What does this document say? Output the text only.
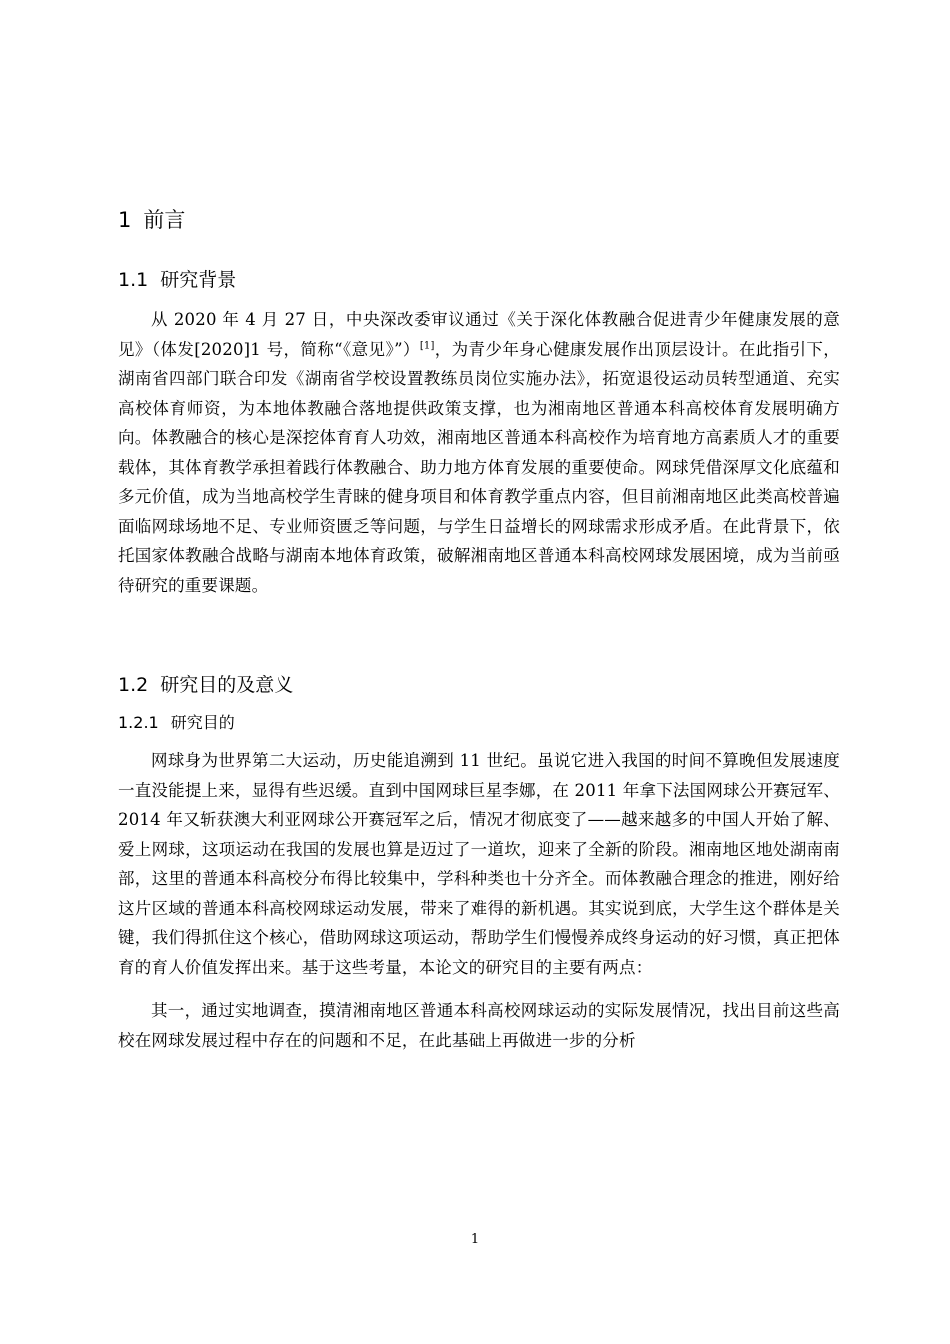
1 前言
1.1 研究背景

从 2020 年 4 月 27 日，中央深改委审议通过《关于深化体教融合促进青少年健康发展的意见》（体发[2020]1 号，简称“《意见》”）[1]，为青少年身心健康发展作出顶层设计。在此指引下，湖南省四部门联合印发《湖南省学校设置教练员岗位实施办法》，拓宽退役运动员转型通道、充实高校体育师资，为本地体教融合落地提供政策支撑，也为湘南地区普通本科高校体育发展明确方向。体教融合的核心是深挖体育育人功效，湘南地区普通本科高校作为培育地方高素质人才的重要载体，其体育教学承担着践行体教融合、助力地方体育发展的重要使命。网球凭借深厚文化底蕴和多元价值，成为当地高校学生青睐的健身项目和体育教学重点内容，但目前湘南地区此类高校普遍面临网球场地不足、专业师资匮乏等问题，与学生日益增长的网球需求形成矛盾。在此背景下，依托国家体教融合战略与湖南本地体育政策，破解湘南地区普通本科高校网球发展困境，成为当前亟待研究的重要课题。

1.2 研究目的及意义
1.2.1 研究目的

网球身为世界第二大运动，历史能追溯到 11 世纪。虽说它进入我国的时间不算晚但发展速度一直没能提上来，显得有些迟缓。直到中国网球巨星李娜，在 2011 年拿下法国网球公开赛冠军、2014 年又斩获澳大利亚网球公开赛冠军之后，情况才彻底变了——越来越多的中国人开始了解、爱上网球，这项运动在我国的发展也算是迈过了一道坎，迎来了全新的阶段。湘南地区地处湖南南部，这里的普通本科高校分布得比较集中，学科种类也十分齐全。而体教融合理念的推进，刚好给这片区域的普通本科高校网球运动发展，带来了难得的新机遇。其实说到底，大学生这个群体是关键，我们得抓住这个核心，借助网球这项运动，帮助学生们慢慢养成终身运动的好习惯，真正把体育的育人价值发挥出来。基于这些考量，本论文的研究目的主要有两点：

其一，通过实地调查，摸清湘南地区普通本科高校网球运动的实际发展情况，找出目前这些高校在网球发展过程中存在的问题和不足，在此基础上再做进一步的分析

1
